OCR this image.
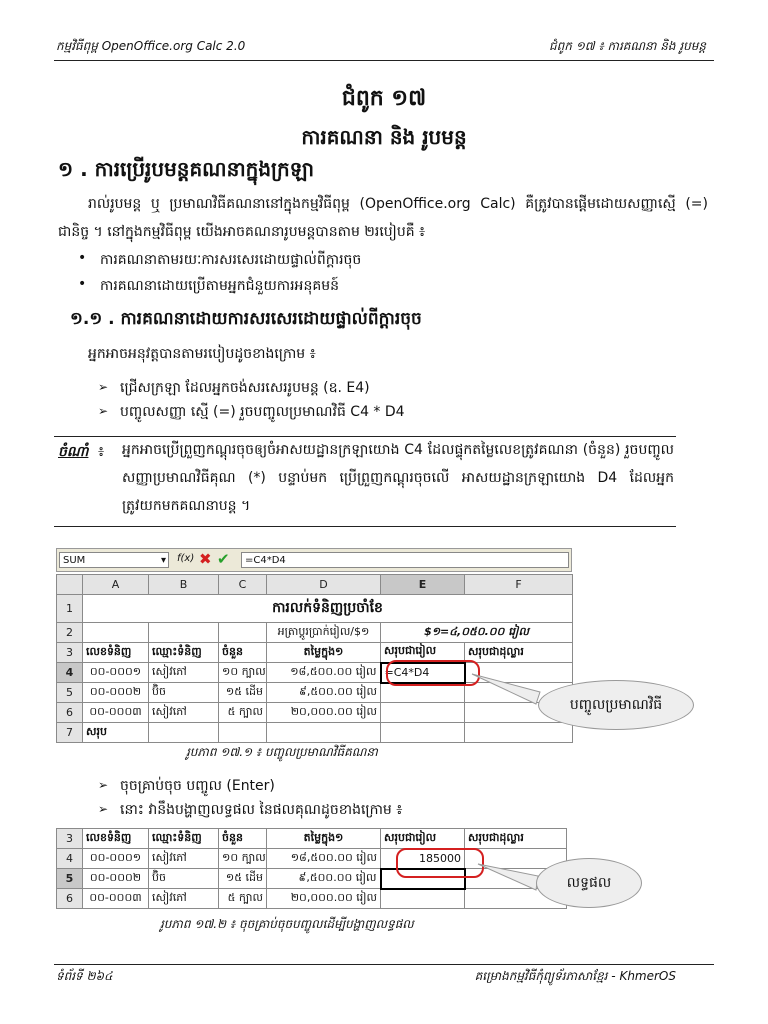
កម្មវិធីពុម្ព OpenOffice.org Calc 2.0	ជំពូក ១៧ ៖ ការគណនា និង រូបមន្ត
ជំពូក ១៧
ការគណនា និង រូបមន្ត
១ . ការប្រើរូបមន្តគណនាក្នុងក្រឡា
រាល់រូបមន្ត ឬ ប្រមាណវិធីគណនានៅក្នុងកម្មវិធីពុម្ព (OpenOffice.org Calc) គឺត្រូវបានផ្តើមដោយសញ្ញាស្មើ (=) ជានិច្ច ។ នៅក្នុងកម្មវិធីពុម្ព យើងអាចគណនារូបមន្តបានតាម ២របៀបគឺ ៖
• ការគណនាតាមរយៈការសរសេរដោយផ្ទាល់ពីក្តារចុច
• ការគណនាដោយប្រើតាមអ្នកជំនួយការអនុគមន៍
១.១ . ការគណនាដោយការសរសេរដោយផ្ទាល់ពីក្តារចុច
អ្នកអាចអនុវត្តបានតាមរបៀបដូចខាងក្រោម ៖
➢ ជ្រើសក្រឡា ដែលអ្នកចង់សរសេររូបមន្ត (ឧ. E4)
➢ បញ្ចូលសញ្ញា ស្មើ (=) រួចបញ្ចូលប្រមាណវិធី C4 * D4
ចំណាំ ៖ អ្នកអាចប្រើព្រួញកណ្តុរចុចឲ្យចំអាសយដ្ឋានក្រឡាយោង C4 ដែលផ្ទុកតម្លៃលេខត្រូវគណនា (ចំនួន) រួចបញ្ចូលសញ្ញាប្រមាណវិធីគុណ (*) បន្ទាប់មក ប្រើព្រួញកណ្តុរចុចលើ អាសយដ្ឋានក្រឡាយោង D4 ដែលអ្នកត្រូវយកមកគណនាបន្ត ។
SUM ▾	f(x) ✖ ✔	=C4*D4
	A	B	C	D	E	F
1	ការលក់ទំនិញប្រចាំខែ					
2				អត្រាប្តូរប្រាក់រៀល/$១	$១=៤,០៥០.០០ រៀល	
3	លេខទំនិញ	ឈ្មោះទំនិញ	ចំនួន	តម្លៃក្នុង១	សរុបជារៀល	សរុបជាដុល្លារ
4	០០-០០០១	សៀវភៅ	១០ ក្បាល	១៨,៥០០.០០ រៀល	=C4*D4	
5	០០-០០០២	ប៊ិច	១៥ ដើម	៩,៥០០.០០ រៀល		
6	០០-០០០៣	សៀវភៅ	៥ ក្បាល	២០,០០០.០០ រៀល		
7	សរុប					
បញ្ចូលប្រមាណវិធី
រូបភាព ១៧.១ ៖ បញ្ចូលប្រមាណវិធីគណនា
➢ ចុចគ្រាប់ចុច បញ្ចូល (Enter)
➢ នោះ វានឹងបង្ហាញលទ្ធផល នៃផលគុណដូចខាងក្រោម ៖
3	លេខទំនិញ	ឈ្មោះទំនិញ	ចំនួន	តម្លៃក្នុង១	សរុបជារៀល	សរុបជាដុល្លារ
4	០០-០០០១	សៀវភៅ	១០ ក្បាល	១៨,៥០០.០០ រៀល	185000	
5	០០-០០០២	ប៊ិច	១៥ ដើម	៩,៥០០.០០ រៀល		
6	០០-០០០៣	សៀវភៅ	៥ ក្បាល	២០,០០០.០០ រៀល		
លទ្ធផល
រូបភាព ១៧.២ ៖ ចុចគ្រាប់ចុចបញ្ចូលដើម្បីបង្ហាញលទ្ធផល
ទំព័រទី ២៦៤	គម្រោងកម្មវិធីកុំព្យូទ័រភាសាខ្មែរ - KhmerOS
